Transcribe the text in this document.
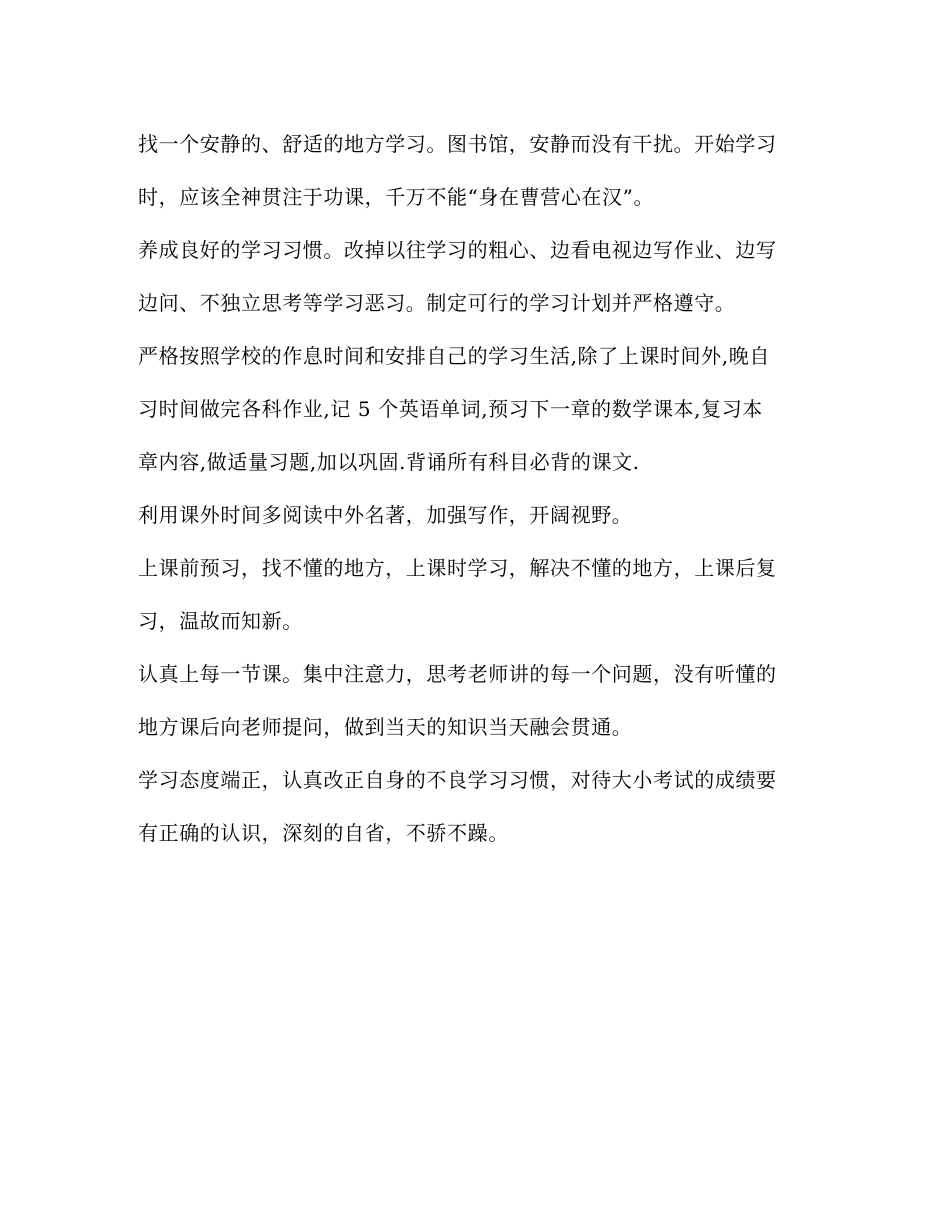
找一个安静的、舒适的地方学习。图书馆，安静而没有干扰。开始学习
时，应该全神贯注于功课，千万不能“身在曹营心在汉”。
养成良好的学习习惯。改掉以往学习的粗心、边看电视边写作业、边写
边问、不独立思考等学习恶习。制定可行的学习计划并严格遵守。
严格按照学校的作息时间和安排自己的学习生活,除了上课时间外,晚自
习时间做完各科作业,记 5 个英语单词,预习下一章的数学课本,复习本
章内容,做适量习题,加以巩固.背诵所有科目必背的课文.
利用课外时间多阅读中外名著，加强写作，开阔视野。
上课前预习，找不懂的地方，上课时学习，解决不懂的地方，上课后复
习，温故而知新。
认真上每一节课。集中注意力，思考老师讲的每一个问题，没有听懂的
地方课后向老师提问，做到当天的知识当天融会贯通。
学习态度端正，认真改正自身的不良学习习惯，对待大小考试的成绩要
有正确的认识，深刻的自省，不骄不躁。
